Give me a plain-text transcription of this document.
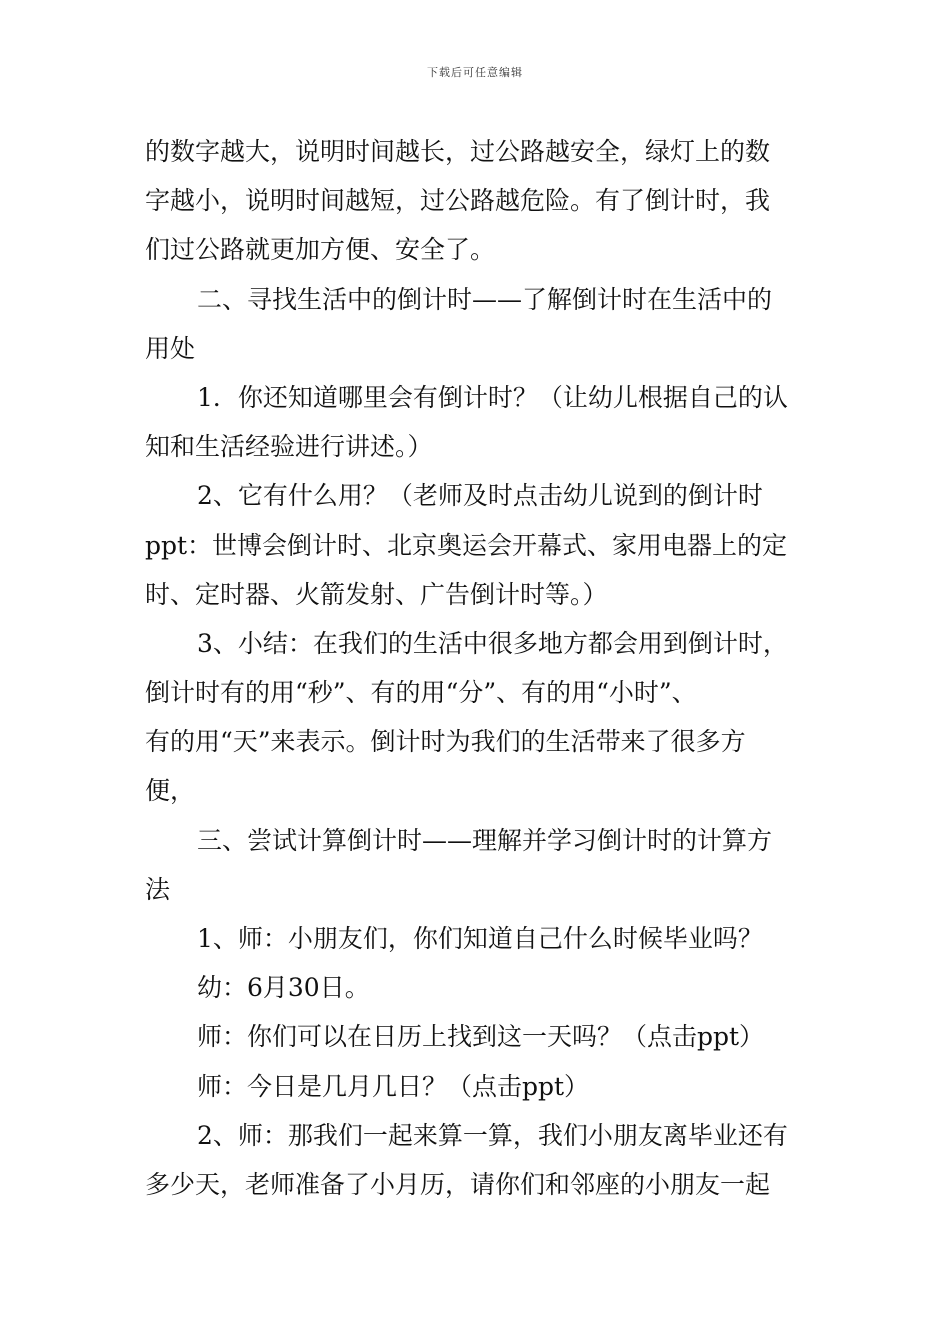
下载后可任意编辑
的数字越大，说明时间越长，过公路越安全，绿灯上的数
字越小，说明时间越短，过公路越危险。有了倒计时，我
们过公路就更加方便、安全了。
二、寻找生活中的倒计时——了解倒计时在生活中的
用处
1．你还知道哪里会有倒计时？（让幼儿根据自己的认
知和生活经验进行讲述。）
2、它有什么用？（老师及时点击幼儿说到的倒计时
ppt：世博会倒计时、北京奥运会开幕式、家用电器上的定
时、定时器、火箭发射、广告倒计时等。）
3、小结：在我们的生活中很多地方都会用到倒计时，
倒计时有的用“秒”、有的用“分”、有的用“小时”、
有的用“天”来表示。倒计时为我们的生活带来了很多方
便，
三、尝试计算倒计时——理解并学习倒计时的计算方
法
1、师：小朋友们，你们知道自己什么时候毕业吗？
幼：6月30日。
师：你们可以在日历上找到这一天吗？（点击ppt）
师：今日是几月几日？（点击ppt）
2、师：那我们一起来算一算，我们小朋友离毕业还有
多少天，老师准备了小月历，请你们和邻座的小朋友一起
